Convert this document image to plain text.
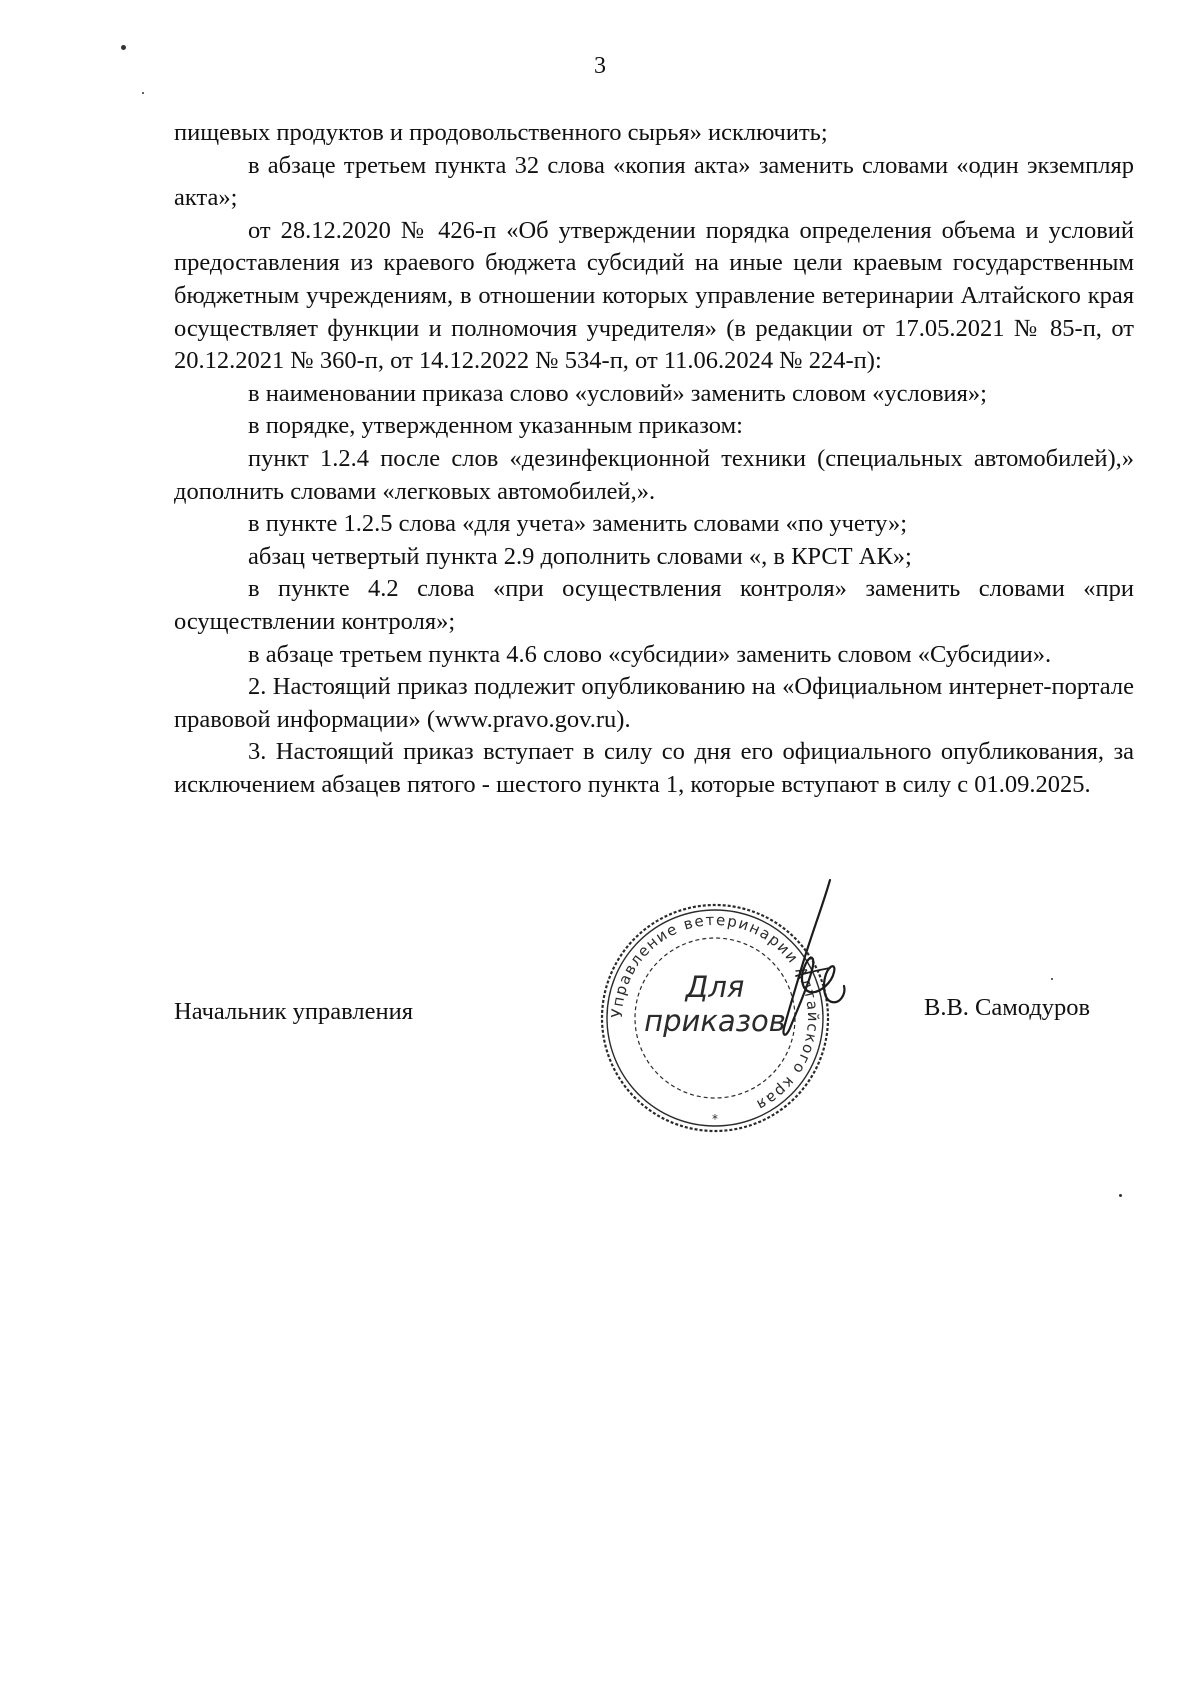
3

пищевых продуктов и продовольственного сырья» исключить;

в абзаце третьем пункта 32 слова «копия акта» заменить словами «один экземпляр акта»;

от 28.12.2020 № 426-п «Об утверждении порядка определения объема и условий предоставления из краевого бюджета субсидий на иные цели краевым государственным бюджетным учреждениям, в отношении которых управление ветеринарии Алтайского края осуществляет функции и полномочия учредителя» (в редакции от 17.05.2021 № 85-п, от 20.12.2021 № 360-п, от 14.12.2022 № 534-п, от 11.06.2024 № 224-п):

в наименовании приказа слово «условий» заменить словом «условия»;

в порядке, утвержденном указанным приказом:

пункт 1.2.4 после слов «дезинфекционной техники (специальных автомобилей),» дополнить словами «легковых автомобилей,».

в пункте 1.2.5 слова «для учета» заменить словами «по учету»;

абзац четвертый пункта 2.9 дополнить словами «, в КРСТ АК»;

в пункте 4.2 слова «при осуществления контроля» заменить словами «при осуществлении контроля»;

в абзаце третьем пункта 4.6 слово «субсидии» заменить словом «Субсидии».

2. Настоящий приказ подлежит опубликованию на «Официальном интернет-портале правовой информации» (www.pravo.gov.ru).

3. Настоящий приказ вступает в силу со дня его официального опубликования, за исключением абзацев пятого - шестого пункта 1, которые вступают в силу с 01.09.2025.

Начальник управления	Управление ветеринарии Алтайского края
*
Для
приказов	В.В. Самодуров
